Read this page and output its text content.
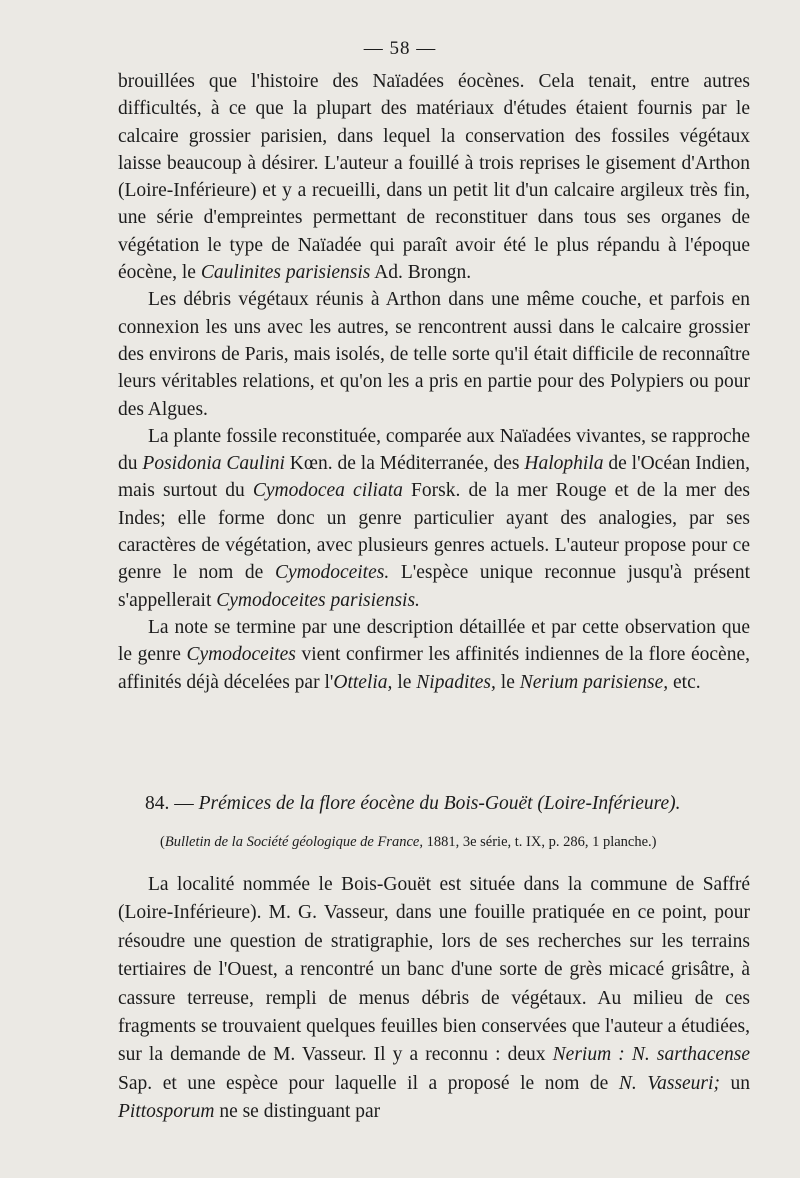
— 58 —

brouillées que l'histoire des Naïadées éocènes. Cela tenait, entre autres difficultés, à ce que la plupart des matériaux d'études étaient fournis par le calcaire grossier parisien, dans lequel la conservation des fossiles végétaux laisse beaucoup à désirer. L'auteur a fouillé à trois reprises le gisement d'Arthon (Loire-Inférieure) et y a recueilli, dans un petit lit d'un calcaire argileux très fin, une série d'empreintes permettant de reconstituer dans tous ses organes de végétation le type de Naïadée qui paraît avoir été le plus répandu à l'époque éocène, le Caulinites parisiensis Ad. Brongn.

Les débris végétaux réunis à Arthon dans une même couche, et parfois en connexion les uns avec les autres, se rencontrent aussi dans le calcaire grossier des environs de Paris, mais isolés, de telle sorte qu'il était difficile de reconnaître leurs véritables relations, et qu'on les a pris en partie pour des Polypiers ou pour des Algues.

La plante fossile reconstituée, comparée aux Naïadées vivantes, se rapproche du Posidonia Caulini Kœn. de la Méditerranée, des Halophila de l'Océan Indien, mais surtout du Cymodocea ciliata Forsk. de la mer Rouge et de la mer des Indes; elle forme donc un genre particulier ayant des analogies, par ses caractères de végétation, avec plusieurs genres actuels. L'auteur propose pour ce genre le nom de Cymodoceites. L'espèce unique reconnue jusqu'à présent s'appellerait Cymodoceites parisiensis.

La note se termine par une description détaillée et par cette observation que le genre Cymodoceites vient confirmer les affinités indiennes de la flore éocène, affinités déjà décelées par l'Ottelia, le Nipadites, le Nerium parisiense, etc.

84. — Prémices de la flore éocène du Bois-Gouët (Loire-Inférieure).
(Bulletin de la Société géologique de France, 1881, 3e série, t. IX, p. 286, 1 planche.)

La localité nommée le Bois-Gouët est située dans la commune de Saffré (Loire-Inférieure). M. G. Vasseur, dans une fouille pratiquée en ce point, pour résoudre une question de stratigraphie, lors de ses recherches sur les terrains tertiaires de l'Ouest, a rencontré un banc d'une sorte de grès micacé grisâtre, à cassure terreuse, rempli de menus débris de végétaux. Au milieu de ces fragments se trouvaient quelques feuilles bien conservées que l'auteur a étudiées, sur la demande de M. Vasseur. Il y a reconnu : deux Nerium : N. sarthacense Sap. et une espèce pour laquelle il a proposé le nom de N. Vasseuri; un Pittosporum ne se distinguant par
